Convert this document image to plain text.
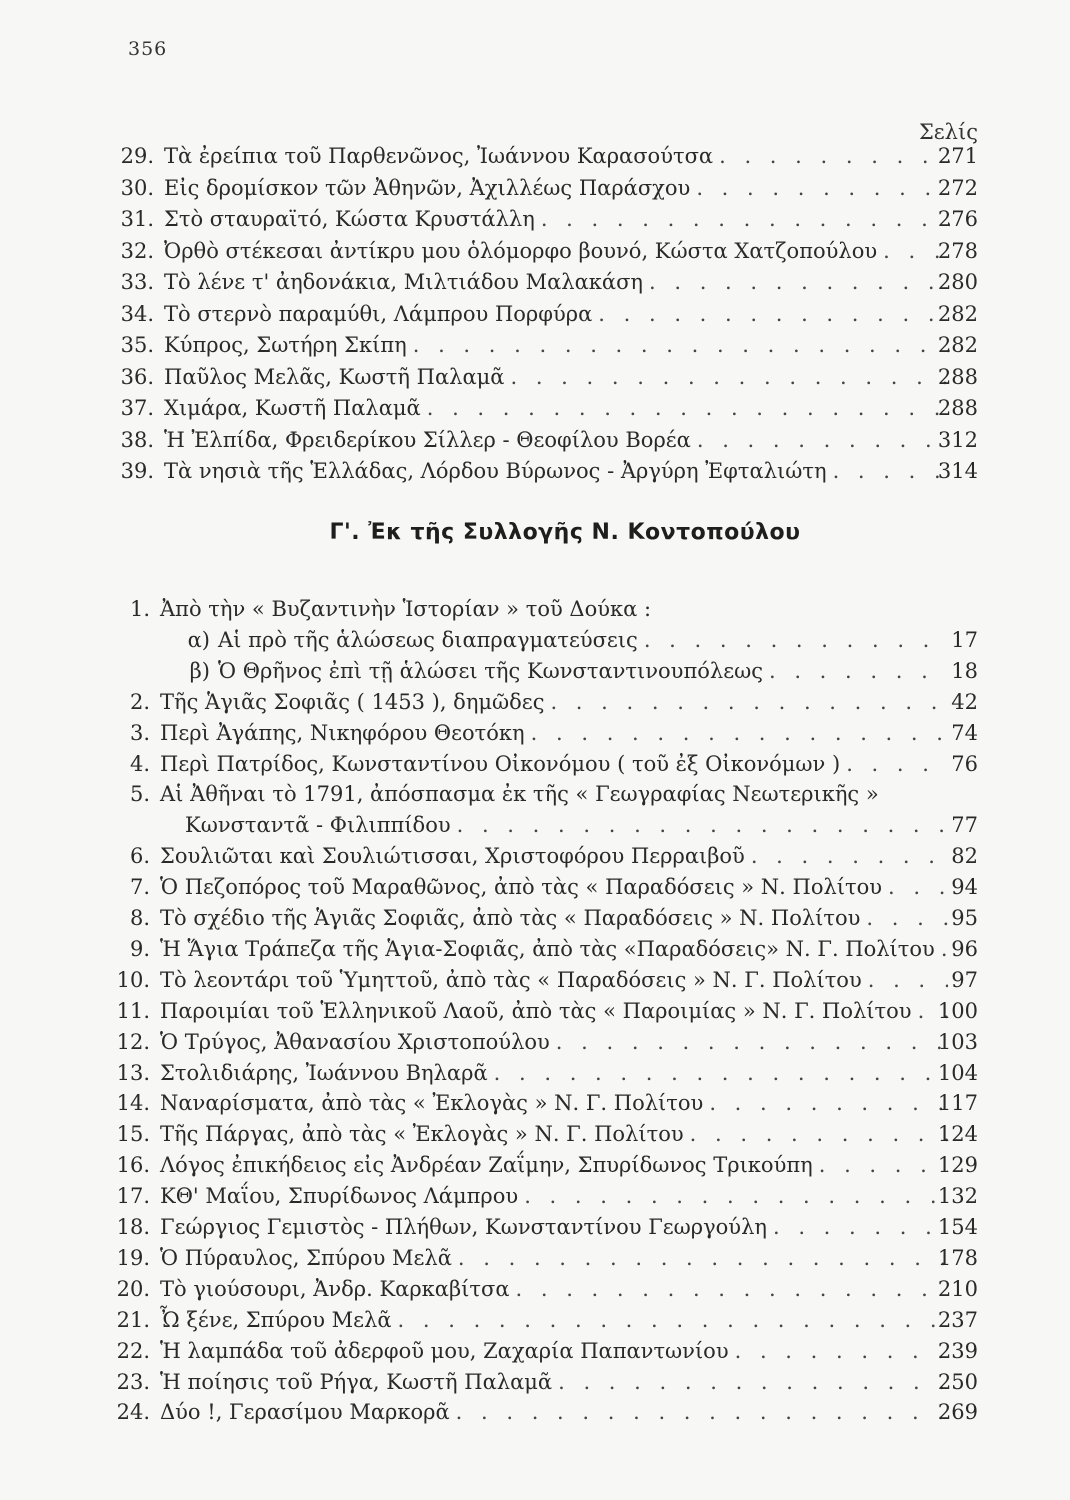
356
Σελίς
29. Τὰ ἐρείπια τοῦ Παρθενῶνος, Ἰωάννου Καρασούτσα . . .	271
30. Εἰς δρομίσκον τῶν Ἀθηνῶν, Ἀχιλλέως Παράσχου . . .	272
31. Στὸ σταυραϊτό, Κώστα Κρυστάλλη . . .	276
32. Ὀρθὸ στέκεσαι ἀντίκρυ μου ὁλόμορφο βουνό, Κώστα Χατζοπούλου . . .	278
33. Τὸ λένε τ' ἀηδονάκια, Μιλτιάδου Μαλακάση . . .	280
34. Τὸ στερνὸ παραμύθι, Λάμπρου Πορφύρα . . .	282
35. Κύπρος, Σωτήρη Σκίπη . . .	282
36. Παῦλος Μελᾶς, Κωστῆ Παλαμᾶ . . .	288
37. Χιμάρα, Κωστῆ Παλαμᾶ . . .	288
38. Ἡ Ἐλπίδα, Φρειδερίκου Σίλλερ - Θεοφίλου Βορέα . . .	312
39. Τὰ νησιὰ τῆς Ἑλλάδας, Λόρδου Βύρωνος - Ἀργύρη Ἐφταλιώτη . . .	314
Γ'. Ἐκ τῆς Συλλογῆς Ν. Κοντοπούλου
1. Ἀπὸ τὴν « Βυζαντινὴν Ἱστορίαν » τοῦ Δούκα :
α) Αἱ πρὸ τῆς ἁλώσεως διαπραγματεύσεις . . .	17
β) Ὁ Θρῆνος ἐπὶ τῇ ἁλώσει τῆς Κωνσταντινουπόλεως . . .	18
2. Τῆς Ἁγιᾶς Σοφιᾶς ( 1453 ), δημῶδες . . .	42
3. Περὶ Ἀγάπης, Νικηφόρου Θεοτόκη . . .	74
4. Περὶ Πατρίδος, Κωνσταντίνου Οἰκονόμου ( τοῦ ἐξ Οἰκονόμων ) . . .	76
5. Αἱ Ἀθῆναι τὸ 1791, ἀπόσπασμα ἐκ τῆς « Γεωγραφίας Νεωτερικῆς »
Κωνσταντᾶ - Φιλιππίδου . . .	77
6. Σουλιῶται καὶ Σουλιώτισσαι, Χριστοφόρου Περραιβοῦ . . .	82
7. Ὁ Πεζοπόρος τοῦ Μαραθῶνος, ἀπὸ τὰς « Παραδόσεις » Ν. Πολίτου . . .	94
8. Τὸ σχέδιο τῆς Ἁγιᾶς Σοφιᾶς, ἀπὸ τὰς « Παραδόσεις » Ν. Πολίτου . . .	95
9. Ἡ Ἅγια Τράπεζα τῆς Ἁγια-Σοφιᾶς, ἀπὸ τὰς «Παραδόσεις» Ν. Γ. Πολίτου . . . 96
10. Τὸ λεοντάρι τοῦ Ὑμηττοῦ, ἀπὸ τὰς « Παραδόσεις » Ν. Γ. Πολίτου . . .	97
11. Παροιμίαι τοῦ Ἑλληνικοῦ Λαοῦ, ἀπὸ τὰς « Παροιμίας » Ν. Γ. Πολίτου . . . 100
12. Ὁ Τρύγος, Ἀθανασίου Χριστοπούλου . . .	103
13. Στολιδιάρης, Ἰωάννου Βηλαρᾶ . . .	104
14. Ναναρίσματα, ἀπὸ τὰς « Ἐκλογὰς » Ν. Γ. Πολίτου . . .	117
15. Τῆς Πάργας, ἀπὸ τὰς « Ἐκλογὰς » Ν. Γ. Πολίτου . . .	124
16. Λόγος ἐπικήδειος εἰς Ἀνδρέαν Ζαΐμην, Σπυρίδωνος Τρικούπη . . .	129
17. ΚΘ' Μαΐου, Σπυρίδωνος Λάμπρου . . .	132
18. Γεώργιος Γεμιστὸς - Πλήθων, Κωνσταντίνου Γεωργούλη . . .	154
19. Ὁ Πύραυλος, Σπύρου Μελᾶ . . .	178
20. Τὸ γιούσουρι, Ἀνδρ. Καρκαβίτσα . . .	210
21. Ὦ ξένε, Σπύρου Μελᾶ . . .	237
22. Ἡ λαμπάδα τοῦ ἀδερφοῦ μου, Ζαχαρία Παπαντωνίου . . .	239
23. Ἡ ποίησις τοῦ Ρήγα, Κωστῆ Παλαμᾶ . . .	250
24. Δύο !, Γερασίμου Μαρκορᾶ . . .	269
